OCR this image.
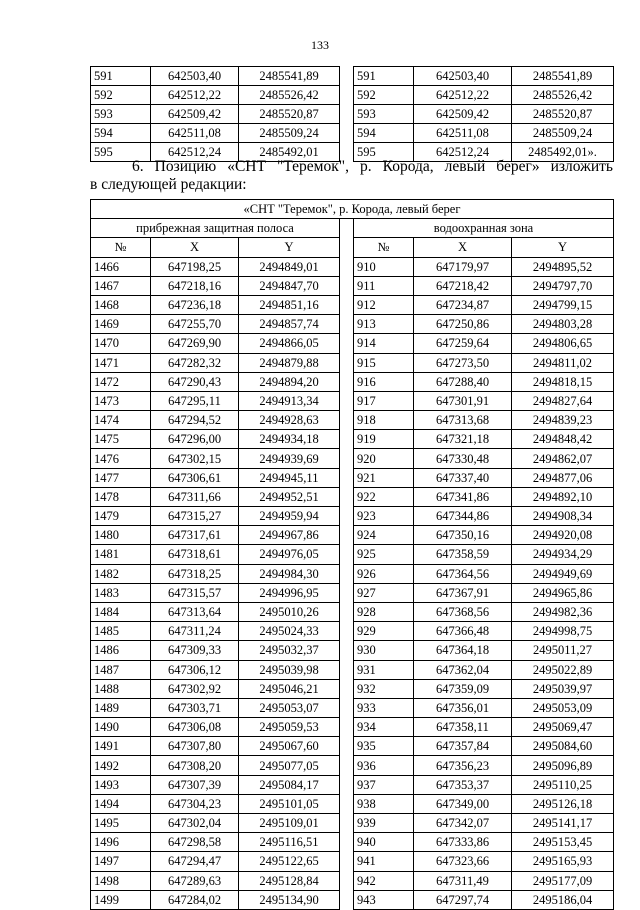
133
591	642503,40	2485541,89		591	642503,40	2485541,89
592	642512,22	2485526,42		592	642512,22	2485526,42
593	642509,42	2485520,87		593	642509,42	2485520,87
594	642511,08	2485509,24		594	642511,08	2485509,24
595	642512,24	2485492,01		595	642512,24	2485492,01».
6. Позицию «СНТ "Теремок", р. Корода, левый берег» изложить
в следующей редакции:
«СНТ "Теремок", р. Корода, левый берег						
прибрежная защитная полоса				водоохранная зона		
№	X	Y		№	X	Y
1466	647198,25	2494849,01		910	647179,97	2494895,52
1467	647218,16	2494847,70		911	647218,42	2494797,70
1468	647236,18	2494851,16		912	647234,87	2494799,15
1469	647255,70	2494857,74		913	647250,86	2494803,28
1470	647269,90	2494866,05		914	647259,64	2494806,65
1471	647282,32	2494879,88		915	647273,50	2494811,02
1472	647290,43	2494894,20		916	647288,40	2494818,15
1473	647295,11	2494913,34		917	647301,91	2494827,64
1474	647294,52	2494928,63		918	647313,68	2494839,23
1475	647296,00	2494934,18		919	647321,18	2494848,42
1476	647302,15	2494939,69		920	647330,48	2494862,07
1477	647306,61	2494945,11		921	647337,40	2494877,06
1478	647311,66	2494952,51		922	647341,86	2494892,10
1479	647315,27	2494959,94		923	647344,86	2494908,34
1480	647317,61	2494967,86		924	647350,16	2494920,08
1481	647318,61	2494976,05		925	647358,59	2494934,29
1482	647318,25	2494984,30		926	647364,56	2494949,69
1483	647315,57	2494996,95		927	647367,91	2494965,86
1484	647313,64	2495010,26		928	647368,56	2494982,36
1485	647311,24	2495024,33		929	647366,48	2494998,75
1486	647309,33	2495032,37		930	647364,18	2495011,27
1487	647306,12	2495039,98		931	647362,04	2495022,89
1488	647302,92	2495046,21		932	647359,09	2495039,97
1489	647303,71	2495053,07		933	647356,01	2495053,09
1490	647306,08	2495059,53		934	647358,11	2495069,47
1491	647307,80	2495067,60		935	647357,84	2495084,60
1492	647308,20	2495077,05		936	647356,23	2495096,89
1493	647307,39	2495084,17		937	647353,37	2495110,25
1494	647304,23	2495101,05		938	647349,00	2495126,18
1495	647302,04	2495109,01		939	647342,07	2495141,17
1496	647298,58	2495116,51		940	647333,86	2495153,45
1497	647294,47	2495122,65		941	647323,66	2495165,93
1498	647289,63	2495128,84		942	647311,49	2495177,09
1499	647284,02	2495134,90		943	647297,74	2495186,04
